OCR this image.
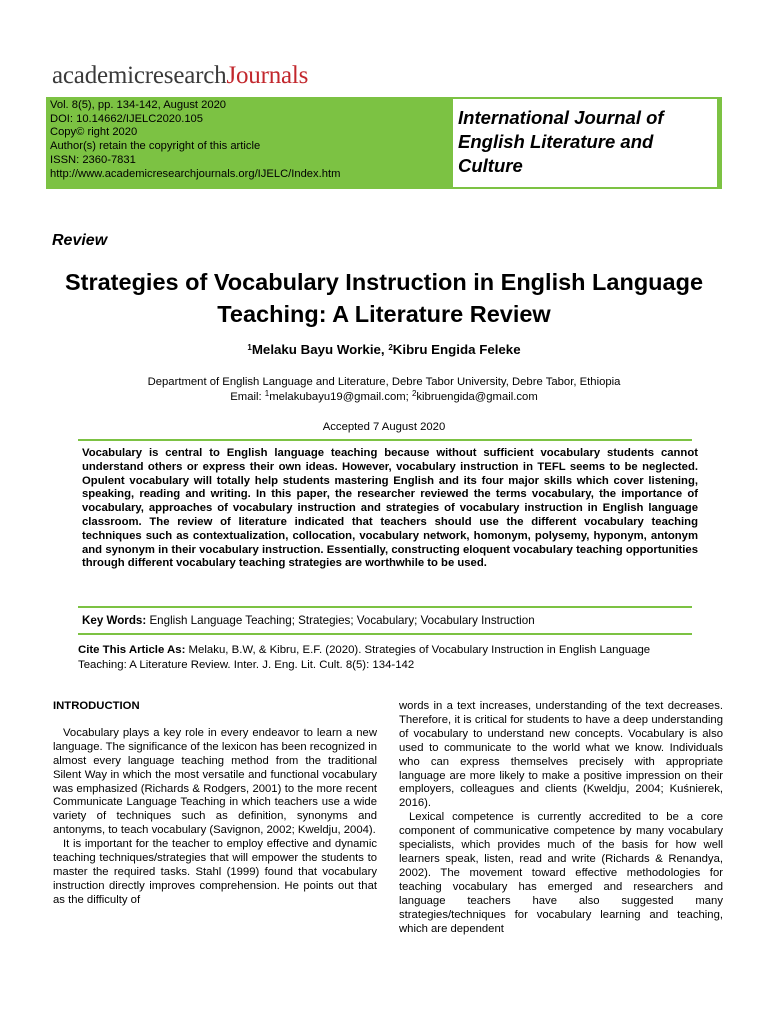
academicresearchJournals
Vol. 8(5), pp. 134-142, August 2020
DOI: 10.14662/IJELC2020.105
Copy© right 2020
Author(s) retain the copyright of this article
ISSN: 2360-7831
http://www.academicresearchjournals.org/IJELC/Index.htm
International Journal of English Literature and Culture
Review
Strategies of Vocabulary Instruction in English Language Teaching: A Literature Review
$^1$Melaku Bayu Workie, $^2$Kibru Engida Feleke
Department of English Language and Literature, Debre Tabor University, Debre Tabor, Ethiopia
Email: $^1$melakubayu19@gmail.com; $^2$kibruengida@gmail.com
Accepted 7 August 2020
Vocabulary is central to English language teaching because without sufficient vocabulary students cannot understand others or express their own ideas. However, vocabulary instruction in TEFL seems to be neglected. Opulent vocabulary will totally help students mastering English and its four major skills which cover listening, speaking, reading and writing. In this paper, the researcher reviewed the terms vocabulary, the importance of vocabulary, approaches of vocabulary instruction and strategies of vocabulary instruction in English language classroom. The review of literature indicated that teachers should use the different vocabulary teaching techniques such as contextualization, collocation, vocabulary network, homonym, polysemy, hyponym, antonym and synonym in their vocabulary instruction. Essentially, constructing eloquent vocabulary teaching opportunities through different vocabulary teaching strategies are worthwhile to be used.
Key Words: English Language Teaching; Strategies; Vocabulary; Vocabulary Instruction
Cite This Article As: Melaku, B.W, & Kibru, E.F. (2020). Strategies of Vocabulary Instruction in English Language Teaching: A Literature Review. Inter. J. Eng. Lit. Cult. 8(5): 134-142
INTRODUCTION

Vocabulary plays a key role in every endeavor to learn a new language. The significance of the lexicon has been recognized in almost every language teaching method from the traditional Silent Way in which the most versatile and functional vocabulary was emphasized (Richards & Rodgers, 2001) to the more recent Communicate Language Teaching in which teachers use a wide variety of techniques such as definition, synonyms and antonyms, to teach vocabulary (Savignon, 2002; Kweldju, 2004).

It is important for the teacher to employ effective and dynamic teaching techniques/strategies that will empower the students to master the required tasks. Stahl (1999) found that vocabulary instruction directly improves comprehension. He points out that as the difficulty of

words in a text increases, understanding of the text decreases. Therefore, it is critical for students to have a deep understanding of vocabulary to understand new concepts. Vocabulary is also used to communicate to the world what we know. Individuals who can express themselves precisely with appropriate language are more likely to make a positive impression on their employers, colleagues and clients (Kweldju, 2004; Kuśnierek, 2016).

Lexical competence is currently accredited to be a core component of communicative competence by many vocabulary specialists, which provides much of the basis for how well learners speak, listen, read and write (Richards & Renandya, 2002). The movement toward effective methodologies for teaching vocabulary has emerged and researchers and language teachers have also suggested many strategies/techniques for vocabulary learning and teaching, which are dependent
